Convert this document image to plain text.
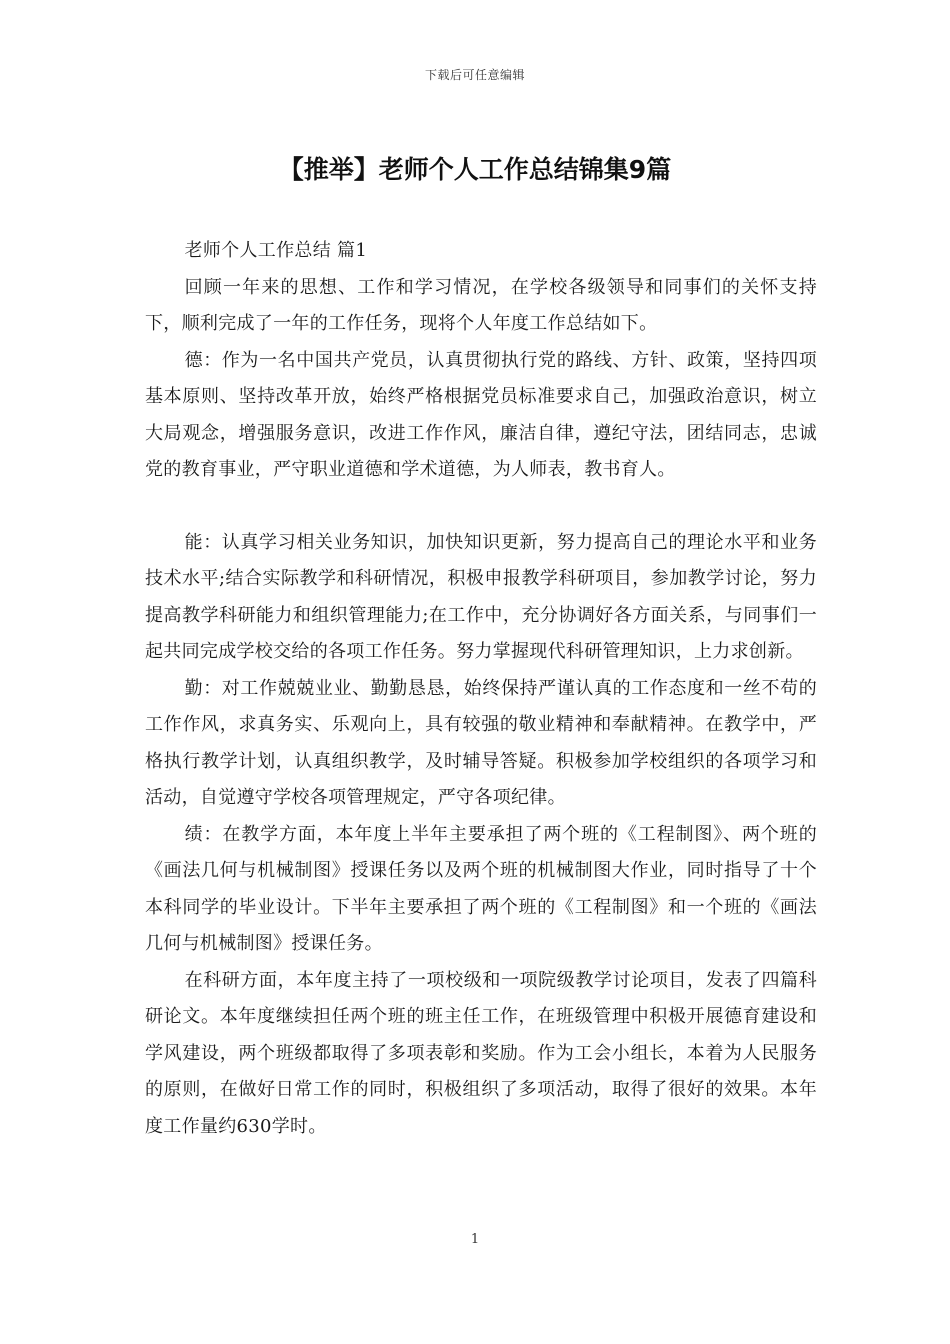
下载后可任意编辑
【推举】老师个人工作总结锦集9篇

老师个人工作总结 篇1

回顾一年来的思想、工作和学习情况，在学校各级领导和同事们的关怀支持下，顺利完成了一年的工作任务，现将个人年度工作总结如下。

德：作为一名中国共产党员，认真贯彻执行党的路线、方针、政策，坚持四项基本原则、坚持改革开放，始终严格根据党员标准要求自己，加强政治意识，树立大局观念，增强服务意识，改进工作作风，廉洁自律，遵纪守法，团结同志，忠诚党的教育事业，严守职业道德和学术道德，为人师表，教书育人。

能：认真学习相关业务知识，加快知识更新，努力提高自己的理论水平和业务技术水平;结合实际教学和科研情况，积极申报教学科研项目，参加教学讨论，努力提高教学科研能力和组织管理能力;在工作中，充分协调好各方面关系，与同事们一起共同完成学校交给的各项工作任务。努力掌握现代科研管理知识，上力求创新。

勤：对工作兢兢业业、勤勤恳恳，始终保持严谨认真的工作态度和一丝不苟的工作作风，求真务实、乐观向上，具有较强的敬业精神和奉献精神。在教学中，严格执行教学计划，认真组织教学，及时辅导答疑。积极参加学校组织的各项学习和活动，自觉遵守学校各项管理规定，严守各项纪律。

绩：在教学方面，本年度上半年主要承担了两个班的《工程制图》、两个班的《画法几何与机械制图》授课任务以及两个班的机械制图大作业，同时指导了十个本科同学的毕业设计。下半年主要承担了两个班的《工程制图》和一个班的《画法几何与机械制图》授课任务。

在科研方面，本年度主持了一项校级和一项院级教学讨论项目，发表了四篇科研论文。本年度继续担任两个班的班主任工作，在班级管理中积极开展德育建设和学风建设，两个班级都取得了多项表彰和奖励。作为工会小组长，本着为人民服务的原则，在做好日常工作的同时，积极组织了多项活动，取得了很好的效果。本年度工作量约630学时。

1
